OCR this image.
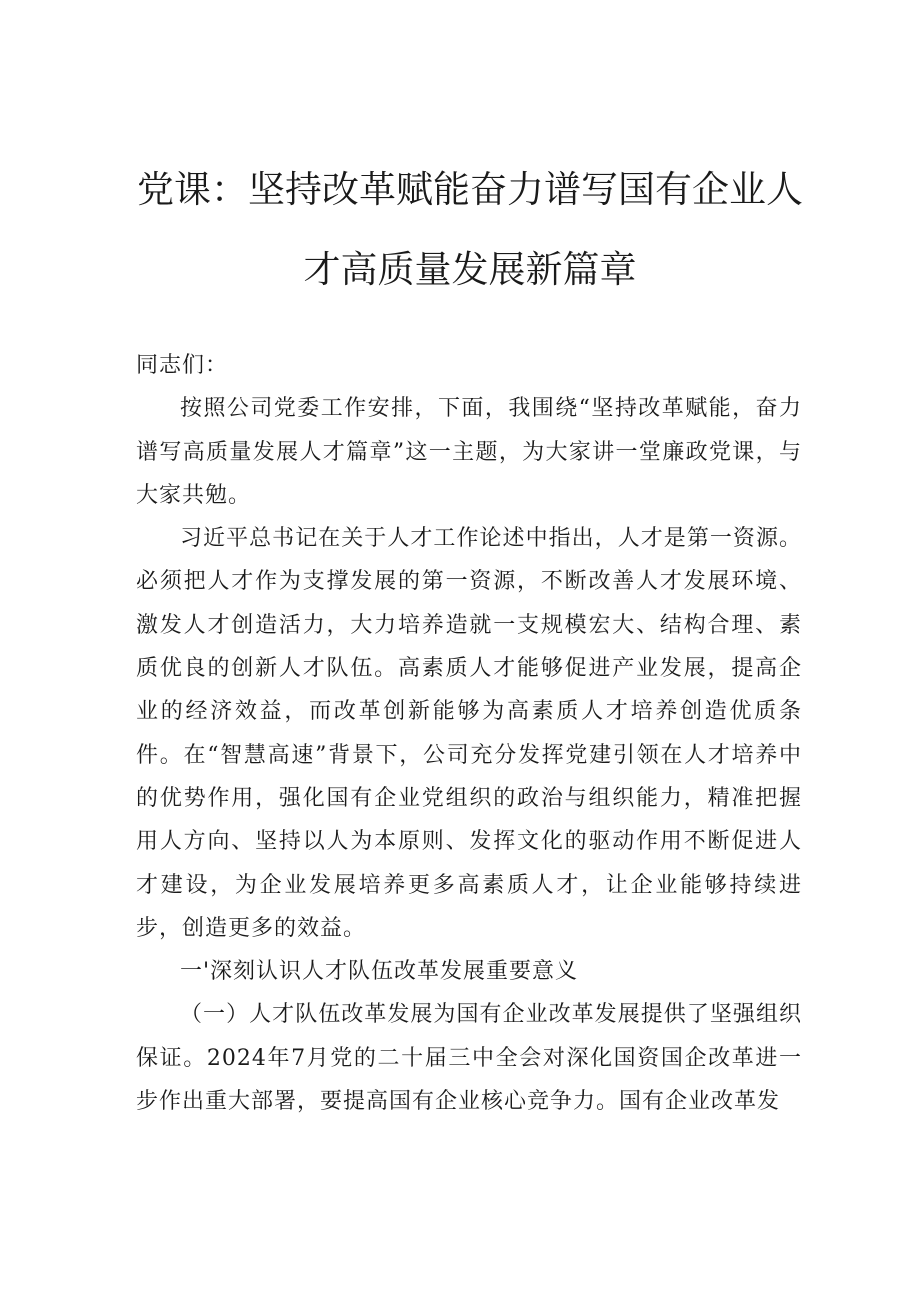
党课：坚持改革赋能奋力谱写国有企业人
才高质量发展新篇章

同志们：

按照公司党委工作安排，下面，我围绕“坚持改革赋能，奋力谱写高质量发展人才篇章”这一主题，为大家讲一堂廉政党课，与大家共勉。

习近平总书记在关于人才工作论述中指出，人才是第一资源。必须把人才作为支撑发展的第一资源，不断改善人才发展环境、激发人才创造活力，大力培养造就一支规模宏大、结构合理、素质优良的创新人才队伍。高素质人才能够促进产业发展，提高企业的经济效益，而改革创新能够为高素质人才培养创造优质条件。在“智慧高速”背景下，公司充分发挥党建引领在人才培养中的优势作用，强化国有企业党组织的政治与组织能力，精准把握用人方向、坚持以人为本原则、发挥文化的驱动作用不断促进人才建设，为企业发展培养更多高素质人才，让企业能够持续进步，创造更多的效益。

一'深刻认识人才队伍改革发展重要意义

（一）人才队伍改革发展为国有企业改革发展提供了坚强组织保证。2024年7月党的二十届三中全会对深化国资国企改革进一步作出重大部署，要提高国有企业核心竞争力。国有企业改革发
